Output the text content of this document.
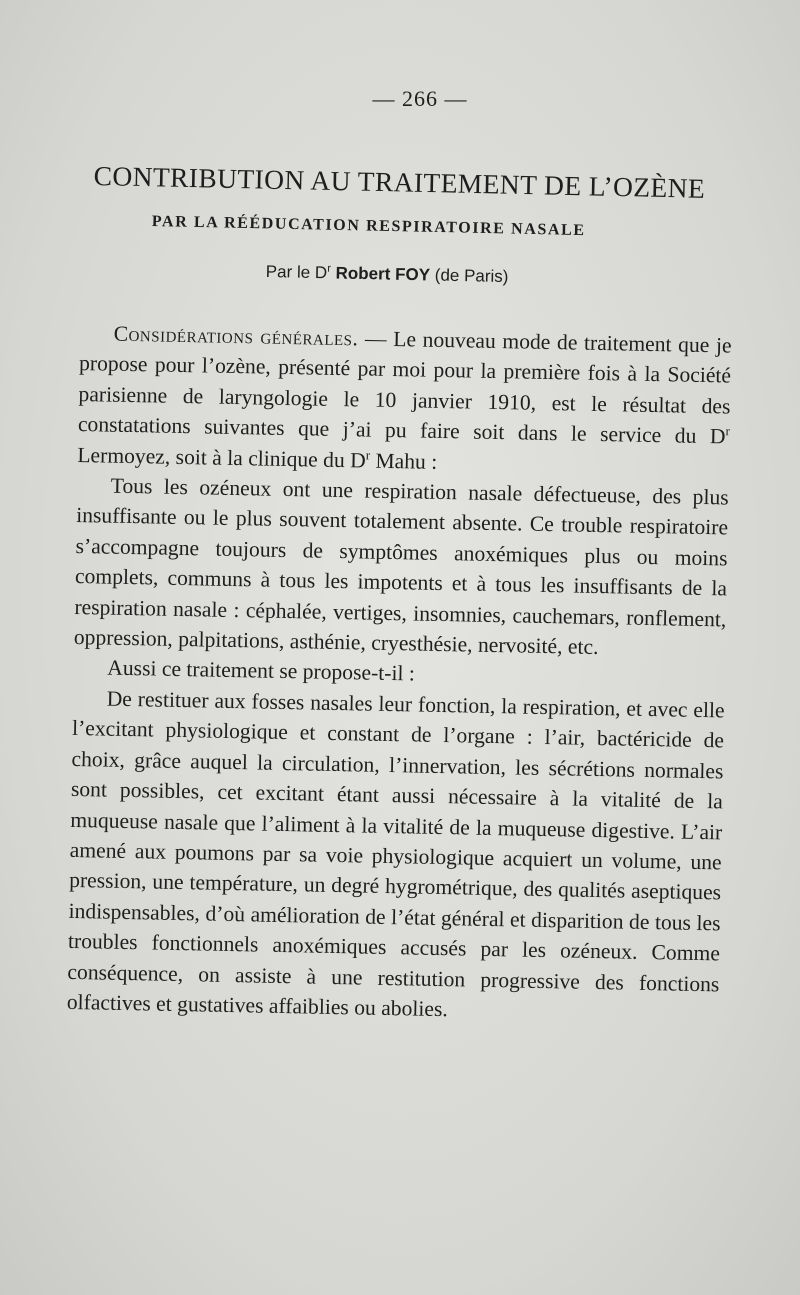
— 266 —
CONTRIBUTION AU TRAITEMENT DE L’OZÈNE
PAR LA RÉÉDUCATION RESPIRATOIRE NASALE
Par le $D^r$ Robert FOY (de Paris)

Considérations générales. — Le nouveau mode de traitement que je propose pour l’ozène, présenté par moi pour la première fois à la Société parisienne de laryngologie le 10 janvier 1910, est le résultat des constatations suivantes que j’ai pu faire soit dans le service du $D^r$ Lermoyez, soit à la clinique du $D^r$ Mahu :

Tous les ozéneux ont une respiration nasale défectueuse, des plus insuffisante ou le plus souvent totalement absente. Ce trouble respiratoire s’accompagne toujours de symptômes anoxémiques plus ou moins complets, communs à tous les impotents et à tous les insuffisants de la respiration nasale : céphalée, vertiges, insomnies, cauchemars, ronflement, oppression, palpitations, asthénie, cryesthésie, nervosité, etc.

Aussi ce traitement se propose-t-il :

De restituer aux fosses nasales leur fonction, la respiration, et avec elle l’excitant physiologique et constant de l’organe : l’air, bactéricide de choix, grâce auquel la circulation, l’innervation, les sécrétions normales sont possibles, cet excitant étant aussi nécessaire à la vitalité de la muqueuse nasale que l’aliment à la vitalité de la muqueuse digestive. L’air amené aux poumons par sa voie physiologique acquiert un volume, une pression, une température, un degré hygrométrique, des qualités aseptiques indispensables, d’où amélioration de l’état général et disparition de tous les troubles fonctionnels anoxémiques accusés par les ozéneux. Comme conséquence, on assiste à une restitution progressive des fonctions olfactives et gustatives affaiblies ou abolies.
